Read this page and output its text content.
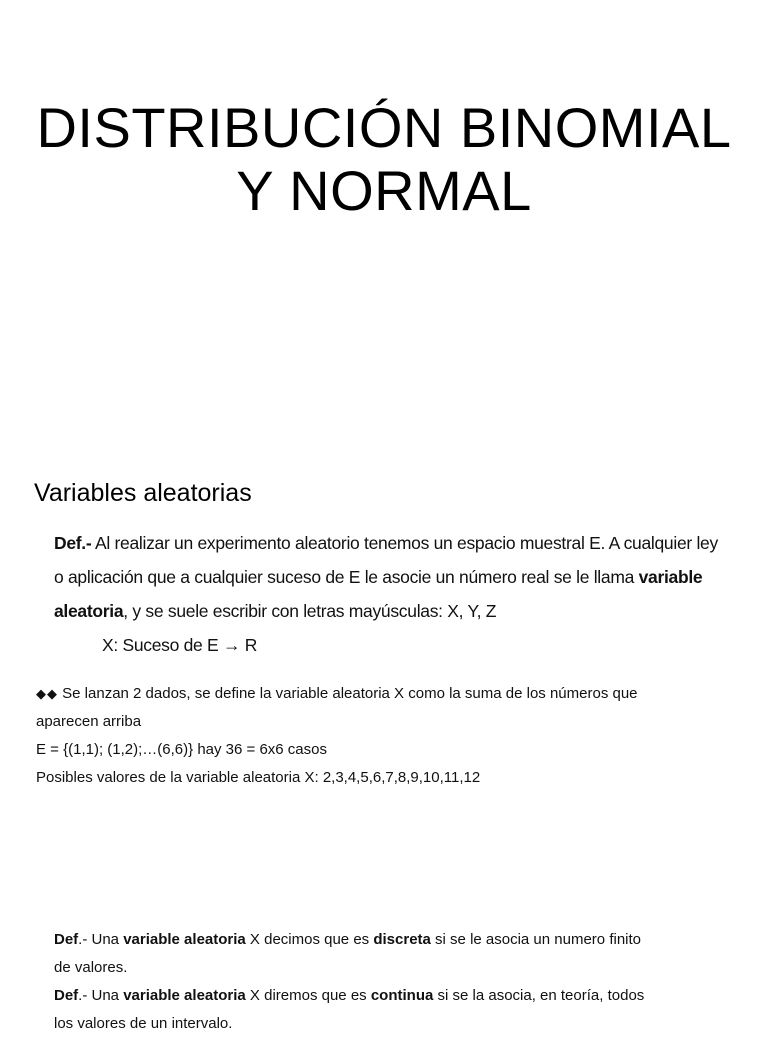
DISTRIBUCIÓN BINOMIAL
Y NORMAL
Variables aleatorias
Def.- Al realizar un experimento aleatorio tenemos un espacio muestral E. A cualquier ley
o aplicación que a cualquier suceso de E le asocie un número real se le llama variable
aleatoria, y se suele escribir con letras mayúsculas: X, Y, Z
X: Suceso de E → R
◆◆ Se lanzan 2 dados, se define la variable aleatoria X como la suma de los números que
aparecen arriba
E = {(1,1); (1,2);…(6,6)} hay 36 = 6x6 casos
Posibles valores de la variable aleatoria X: 2,3,4,5,6,7,8,9,10,11,12
Def.- Una variable aleatoria X decimos que es discreta si se le asocia un numero finito
de valores.
Def.- Una variable aleatoria X diremos que es continua si se la asocia, en teoría, todos
los valores de un intervalo.
